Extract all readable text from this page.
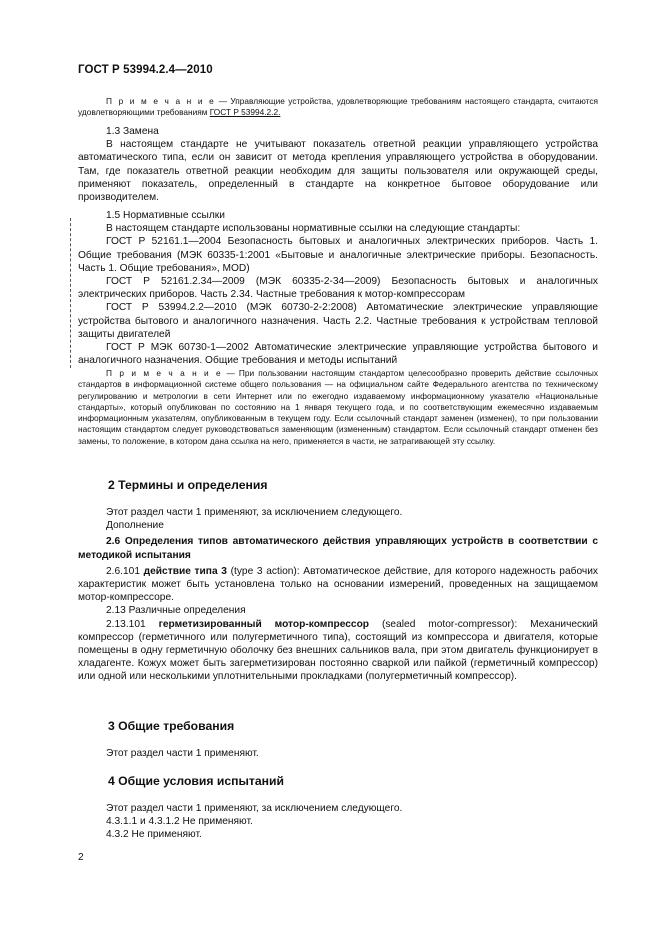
ГОСТ Р 53994.2.4—2010

П р и м е ч а н и е — Управляющие устройства, удовлетворяющие требованиям настоящего стандарта, считаются удовлетворяющими требованиям ГОСТ Р 53994.2.2.

1.3 Замена

В настоящем стандарте не учитывают показатель ответной реакции управляющего устройства автоматического типа, если он зависит от метода крепления управляющего устройства в оборудовании. Там, где показатель ответной реакции необходим для защиты пользователя или окружающей среды, применяют показатель, определенный в стандарте на конкретное бытовое оборудование или производителем.

1.5 Нормативные ссылки

В настоящем стандарте использованы нормативные ссылки на следующие стандарты:

ГОСТ Р 52161.1—2004 Безопасность бытовых и аналогичных электрических приборов. Часть 1. Общие требования (МЭК 60335-1:2001 «Бытовые и аналогичные электрические приборы. Безопасность. Часть 1. Общие требования», MOD)

ГОСТ Р 52161.2.34—2009 (МЭК 60335-2-34—2009) Безопасность бытовых и аналогичных электрических приборов. Часть 2.34. Частные требования к мотор-компрессорам

ГОСТ Р 53994.2.2—2010 (МЭК 60730-2-2:2008) Автоматические электрические управляющие устройства бытового и аналогичного назначения. Часть 2.2. Частные требования к устройствам тепловой защиты двигателей

ГОСТ Р МЭК 60730-1—2002 Автоматические электрические управляющие устройства бытового и аналогичного назначения. Общие требования и методы испытаний

П р и м е ч а н и е — При пользовании настоящим стандартом целесообразно проверить действие ссылочных стандартов в информационной системе общего пользования — на официальном сайте Федерального агентства по техническому регулированию и метрологии в сети Интернет или по ежегодно издаваемому информационному указателю «Национальные стандарты», который опубликован по состоянию на 1 января текущего года, и по соответствующим ежемесячно издаваемым информационным указателям, опубликованным в текущем году. Если ссылочный стандарт заменен (изменен), то при пользовании настоящим стандартом следует руководствоваться заменяющим (измененным) стандартом. Если ссылочный стандарт отменен без замены, то положение, в котором дана ссылка на него, применяется в части, не затрагивающей эту ссылку.

2 Термины и определения

Этот раздел части 1 применяют, за исключением следующего.

Дополнение

2.6 Определения типов автоматического действия управляющих устройств в соответствии с методикой испытания

2.6.101 действие типа 3 (type 3 action): Автоматическое действие, для которого надежность рабочих характеристик может быть установлена только на основании измерений, проведенных на защищаемом мотор-компрессоре.

2.13 Различные определения

2.13.101 герметизированный мотор-компрессор (sealed motor-compressor): Механический компрессор (герметичного или полугерметичного типа), состоящий из компрессора и двигателя, которые помещены в одну герметичную оболочку без внешних сальников вала, при этом двигатель функционирует в хладагенте. Кожух может быть загерметизирован постоянно сваркой или пайкой (герметичный компрессор) или одной или несколькими уплотнительными прокладками (полугерметичный компрессор).

3 Общие требования

Этот раздел части 1 применяют.

4 Общие условия испытаний

Этот раздел части 1 применяют, за исключением следующего.

4.3.1.1 и 4.3.1.2 Не применяют.

4.3.2 Не применяют.

2
